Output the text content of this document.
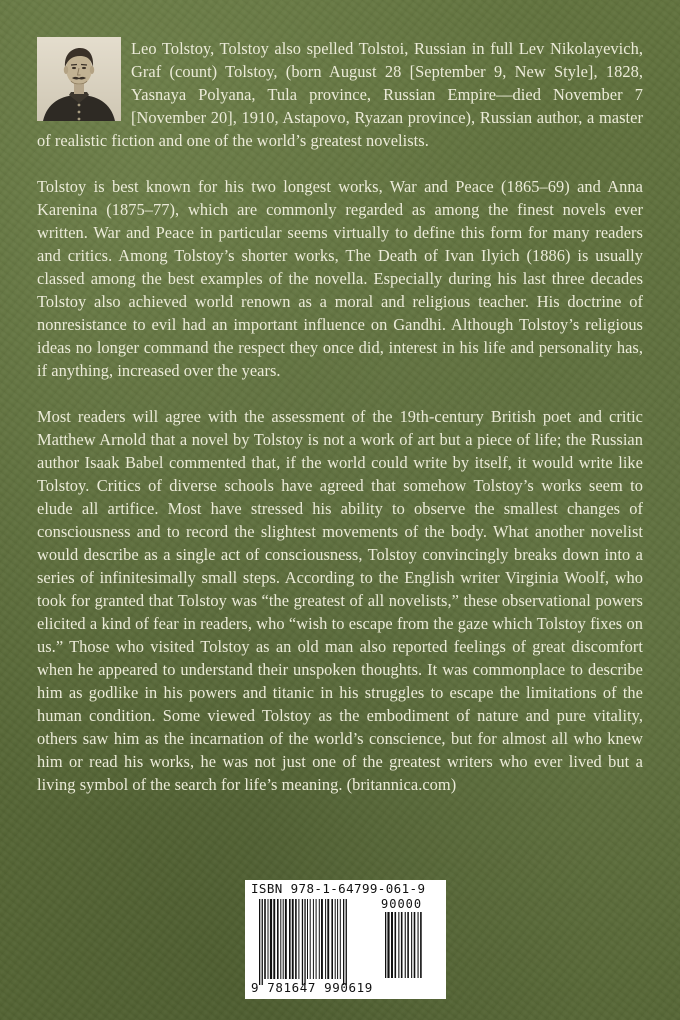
Leo Tolstoy, Tolstoy also spelled Tolstoi, Russian in full Lev Nikolayevich, Graf (count) Tolstoy, (born August 28 [September 9, New Style], 1828, Yasnaya Polyana, Tula province, Russian Empire—died November 7 [November 20], 1910, Astapovo, Ryazan province), Russian author, a master of realistic fiction and one of the world’s greatest novelists.

Tolstoy is best known for his two longest works, War and Peace (1865–69) and Anna Karenina (1875–77), which are commonly regarded as among the finest novels ever written. War and Peace in particular seems virtually to define this form for many readers and critics. Among Tolstoy’s shorter works, The Death of Ivan Ilyich (1886) is usually classed among the best examples of the novella. Especially during his last three decades Tolstoy also achieved world renown as a moral and religious teacher. His doctrine of nonresistance to evil had an important influence on Gandhi. Although Tolstoy’s religious ideas no longer command the respect they once did, interest in his life and personality has, if anything, increased over the years.

Most readers will agree with the assessment of the 19th-century British poet and critic Matthew Arnold that a novel by Tolstoy is not a work of art but a piece of life; the Russian author Isaak Babel commented that, if the world could write by itself, it would write like Tolstoy. Critics of diverse schools have agreed that somehow Tolstoy’s works seem to elude all artifice. Most have stressed his ability to observe the smallest changes of consciousness and to record the slightest movements of the body. What another novelist would describe as a single act of consciousness, Tolstoy convincingly breaks down into a series of infinitesimally small steps. According to the English writer Virginia Woolf, who took for granted that Tolstoy was “the greatest of all novelists,” these observational powers elicited a kind of fear in readers, who “wish to escape from the gaze which Tolstoy fixes on us.” Those who visited Tolstoy as an old man also reported feelings of great discomfort when he appeared to understand their unspoken thoughts. It was commonplace to describe him as godlike in his powers and titanic in his struggles to escape the limitations of the human condition. Some viewed Tolstoy as the embodiment of nature and pure vitality, others saw him as the incarnation of the world’s conscience, but for almost all who knew him or read his works, he was not just one of the greatest writers who ever lived but a living symbol of the search for life’s meaning. (britannica.com)

ISBN 978-1-64799-061-9
90000
9 781647 990619
